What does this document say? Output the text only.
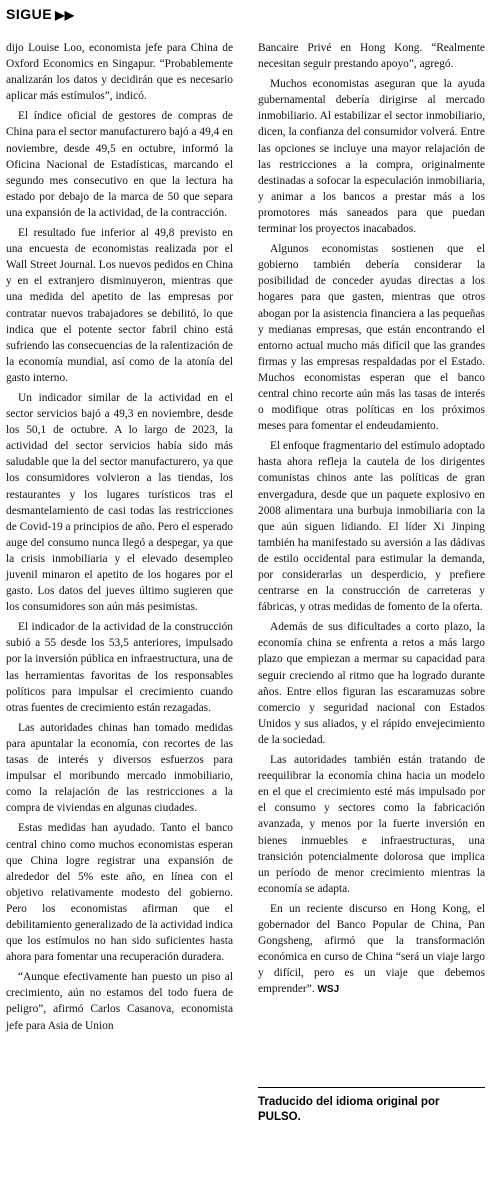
SIGUE ▶▶

dijo Louise Loo, economista jefe para China de Oxford Economics en Singapur. “Probablemente analizarán los datos y decidirán que es necesario aplicar más estímulos”, indicó.

El índice oficial de gestores de compras de China para el sector manufacturero bajó a 49,4 en noviembre, desde 49,5 en octubre, informó la Oficina Nacional de Estadísticas, marcando el segundo mes consecutivo en que la lectura ha estado por debajo de la marca de 50 que separa una expansión de la actividad, de la contracción.

El resultado fue inferior al 49,8 previsto en una encuesta de economistas realizada por el Wall Street Journal. Los nuevos pedidos en China y en el extranjero disminuyeron, mientras que una medida del apetito de las empresas por contratar nuevos trabajadores se debilitó, lo que indica que el potente sector fabril chino está sufriendo las consecuencias de la ralentización de la economía mundial, así como de la atonía del gasto interno.

Un indicador similar de la actividad en el sector servicios bajó a 49,3 en noviembre, desde los 50,1 de octubre. A lo largo de 2023, la actividad del sector servicios había sido más saludable que la del sector manufacturero, ya que los consumidores volvieron a las tiendas, los restaurantes y los lugares turísticos tras el desmantelamiento de casi todas las restricciones de Covid-19 a principios de año. Pero el esperado auge del consumo nunca llegó a despegar, ya que la crisis inmobiliaria y el elevado desempleo juvenil minaron el apetito de los hogares por el gasto. Los datos del jueves último sugieren que los consumidores son aún más pesimistas.

El indicador de la actividad de la construcción subió a 55 desde los 53,5 anteriores, impulsado por la inversión pública en infraestructura, una de las herramientas favoritas de los responsables políticos para impulsar el crecimiento cuando otras fuentes de crecimiento están rezagadas.

Las autoridades chinas han tomado medidas para apuntalar la economía, con recortes de las tasas de interés y diversos esfuerzos para impulsar el moribundo mercado inmobiliario, como la relajación de las restricciones a la compra de viviendas en algunas ciudades.

Estas medidas han ayudado. Tanto el banco central chino como muchos economistas esperan que China logre registrar una expansión de alrededor del 5% este año, en línea con el objetivo relativamente modesto del gobierno. Pero los economistas afirman que el debilitamiento generalizado de la actividad indica que los estímulos no han sido suficientes hasta ahora para fomentar una recuperación duradera.

“Aunque efectivamente han puesto un piso al crecimiento, aún no estamos del todo fuera de peligro”, afirmó Carlos Casanova, economista jefe para Asia de Union

Bancaire Privé en Hong Kong. “Realmente necesitan seguir prestando apoyo”, agregó.

Muchos economistas aseguran que la ayuda gubernamental debería dirigirse al mercado inmobiliario. Al estabilizar el sector inmobiliario, dicen, la confianza del consumidor volverá. Entre las opciones se incluye una mayor relajación de las restricciones a la compra, originalmente destinadas a sofocar la especulación inmobiliaria, y animar a los bancos a prestar más a los promotores más saneados para que puedan terminar los proyectos inacabados.

Algunos economistas sostienen que el gobierno también debería considerar la posibilidad de conceder ayudas directas a los hogares para que gasten, mientras que otros abogan por la asistencia financiera a las pequeñas y medianas empresas, que están encontrando el entorno actual mucho más difícil que las grandes firmas y las empresas respaldadas por el Estado. Muchos economistas esperan que el banco central chino recorte aún más las tasas de interés o modifique otras políticas en los próximos meses para fomentar el endeudamiento.

El enfoque fragmentario del estímulo adoptado hasta ahora refleja la cautela de los dirigentes comunistas chinos ante las políticas de gran envergadura, desde que un paquete explosivo en 2008 alimentara una burbuja inmobiliaria con la que aún siguen lidiando. El líder Xi Jinping también ha manifestado su aversión a las dádivas de estilo occidental para estimular la demanda, por considerarlas un desperdicio, y prefiere centrarse en la construcción de carreteras y fábricas, y otras medidas de fomento de la oferta.

Además de sus dificultades a corto plazo, la economía china se enfrenta a retos a más largo plazo que empiezan a mermar su capacidad para seguir creciendo al ritmo que ha logrado durante años. Entre ellos figuran las escaramuzas sobre comercio y seguridad nacional con Estados Unidos y sus aliados, y el rápido envejecimiento de la sociedad.

Las autoridades también están tratando de reequilibrar la economía china hacia un modelo en el que el crecimiento esté más impulsado por el consumo y sectores como la fabricación avanzada, y menos por la fuerte inversión en bienes inmuebles e infraestructuras, una transición potencialmente dolorosa que implica un período de menor crecimiento mientras la economía se adapta.

En un reciente discurso en Hong Kong, el gobernador del Banco Popular de China, Pan Gongsheng, afirmó que la transformación económica en curso de China “será un viaje largo y difícil, pero es un viaje que debemos emprender”. WSJ

Traducido del idioma original por PULSO.
